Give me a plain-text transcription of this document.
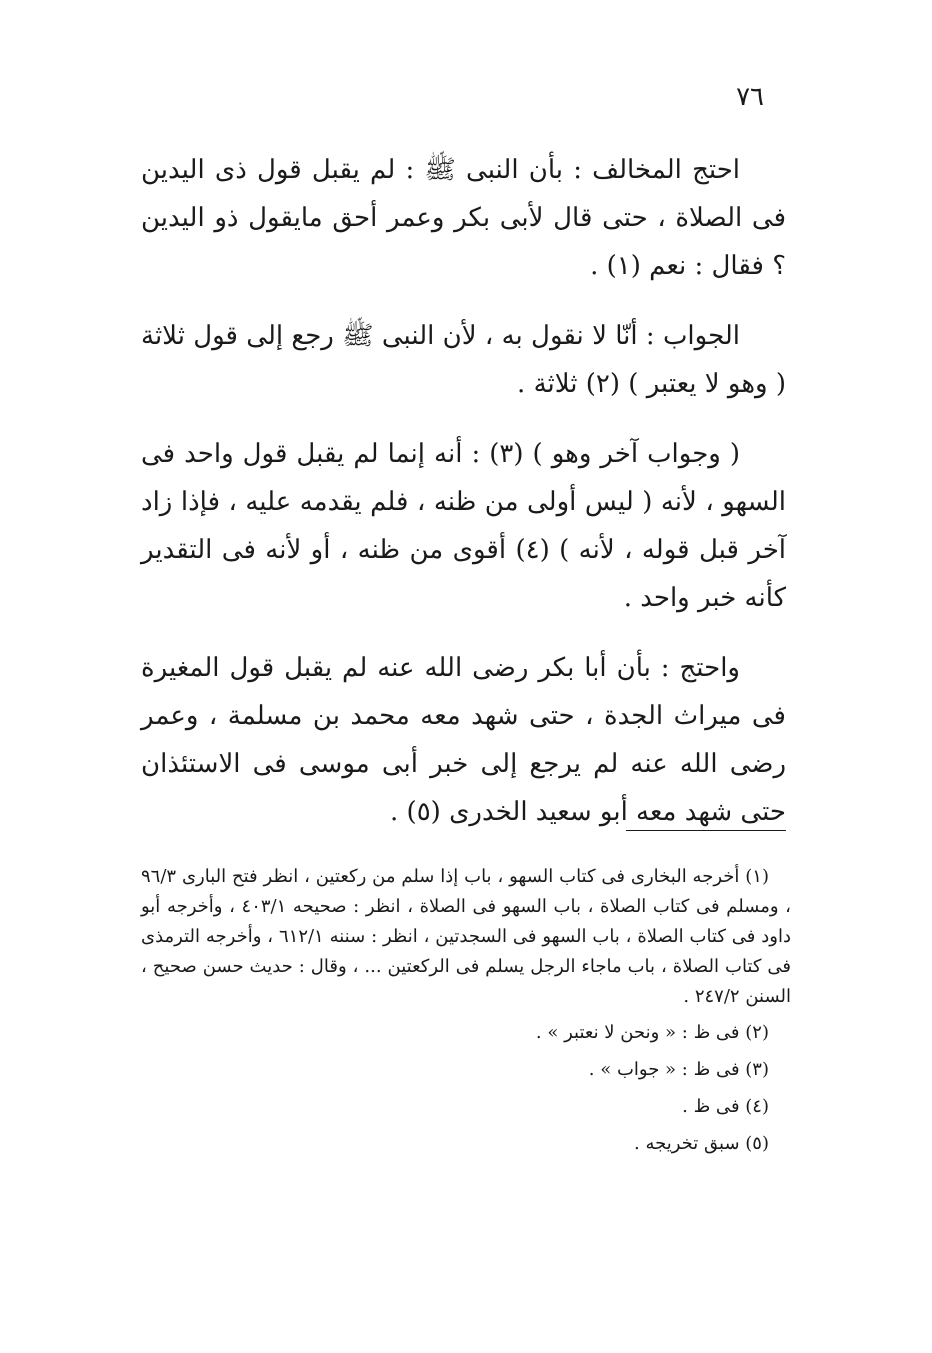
٧٦

احتج المخالف : بأن النبى ﷺ : لم يقبل قول ذى اليدين فى الصلاة ، حتى قال لأبى بكر وعمر أحق مايقول ذو اليدين ؟ فقال : نعم (١) .

الجواب : أنّا لا نقول به ، لأن النبى ﷺ رجع إلى قول ثلاثة ( وهو لا يعتبر ) (٢) ثلاثة .

( وجواب آخر وهو ) (٣) : أنه إنما لم يقبل قول واحد فى السهو ، لأنه ( ليس أولى من ظنه ، فلم يقدمه عليه ، فإذا زاد آخر قبل قوله ، لأنه ) (٤) أقوى من ظنه ، أو لأنه فى التقدير كأنه خبر واحد .

واحتج : بأن أبا بكر رضى الله عنه لم يقبل قول المغيرة فى ميراث الجدة ، حتى شهد معه محمد بن مسلمة ، وعمر رضى الله عنه لم يرجع إلى خبر أبى موسى فى الاستئذان حتى شهد معه أبو سعيد الخدرى (٥) .

(١) أخرجه البخارى فى كتاب السهو ، باب إذا سلم من ركعتين ، انظر فتح البارى ٩٦/٣ ، ومسلم فى كتاب الصلاة ، باب السهو فى الصلاة ، انظر : صحيحه ٤٠٣/١ ، وأخرجه أبو داود فى كتاب الصلاة ، باب السهو فى السجدتين ، انظر : سننه ٦١٢/١ ، وأخرجه الترمذى فى كتاب الصلاة ، باب ماجاء الرجل يسلم فى الركعتين ... ، وقال : حديث حسن صحيح ، السنن ٢٤٧/٢ .

(٢) فى ظ : « ونحن لا نعتبر » .

(٣) فى ظ : « جواب » .

(٤) فى ظ .

(٥) سبق تخريجه .
